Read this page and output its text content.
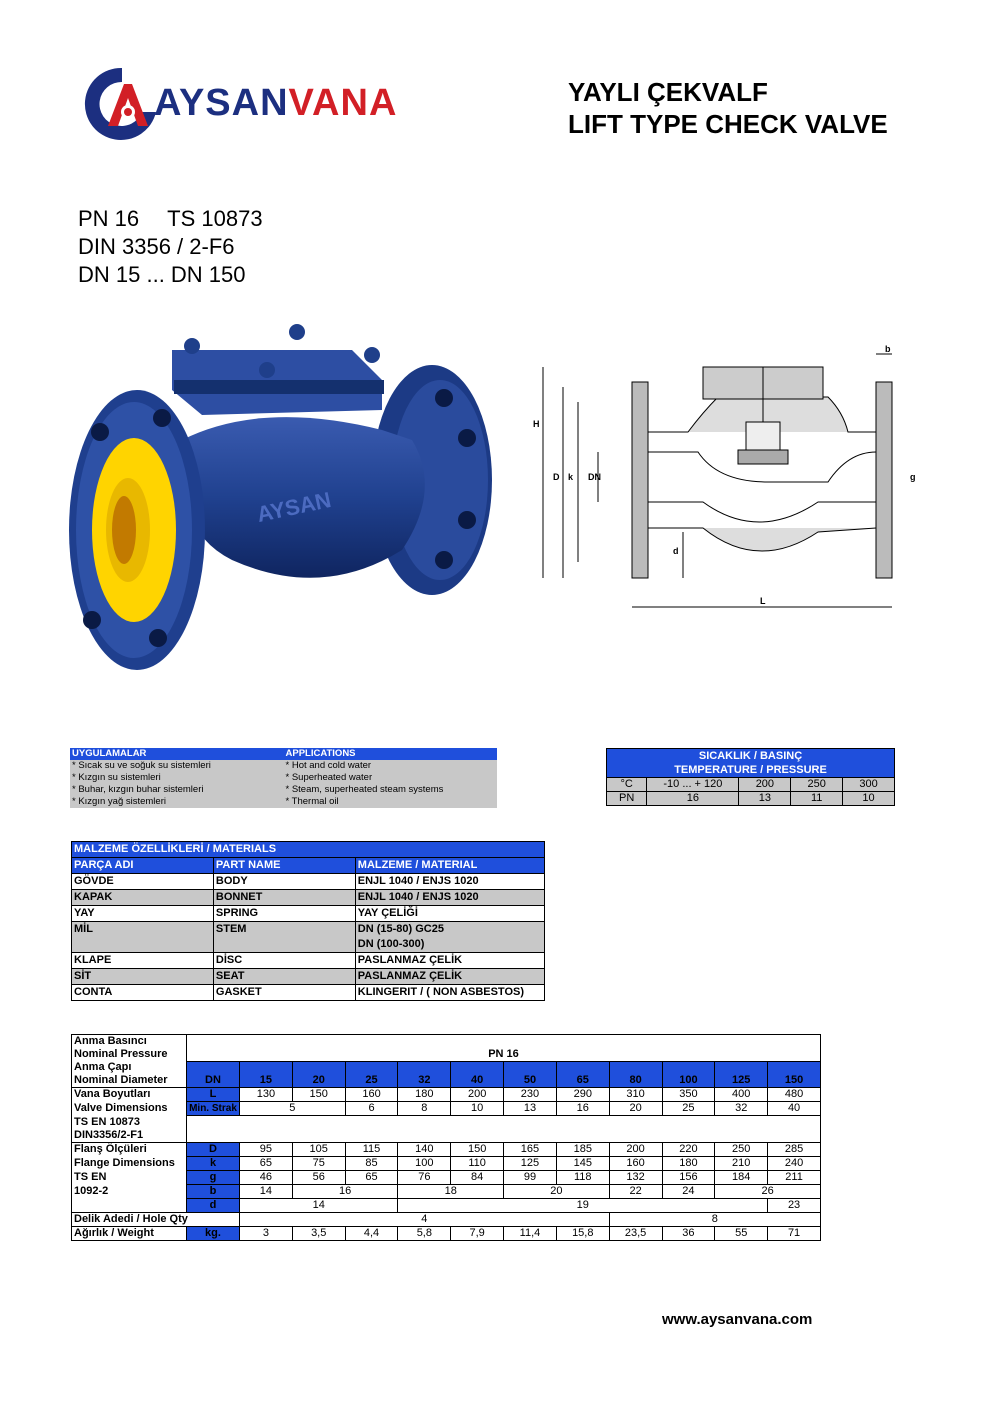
AYSANVANA	YAYLI ÇEKVALF
LIFT TYPE CHECK VALVE
PN 16 TS 10873
DIN 3356 / 2-F6
DN 15 ... DN 150
AYSAN
b
H
D k DN	g
d
L
UYGULAMALAR	APPLICATIONS
* Sıcak su ve soğuk su sistemleri	* Hot and cold water
* Kızgın su sistemleri	* Superheated water
* Buhar, kızgın buhar sistemleri	* Steam, superheated steam systems
* Kızgın yağ sistemleri	* Thermal oil
SICAKLIK / BASINÇ				
TEMPERATURE / PRESSURE				
°C	-10 ... + 120	200	250	300
PN	16	13	11	10
MALZEME ÖZELLİKLERİ / MATERIALS		
PARÇA ADI	PART NAME	MALZEME / MATERIAL
GÖVDE	BODY	ENJL 1040 / ENJS 1020
KAPAK	BONNET	ENJL 1040 / ENJS 1020
YAY	SPRING	YAY ÇELİĞİ
MİL	STEM	DN (15-80) GC25
DN (100-300)

KLAPE	DİSC	PASLANMAZ ÇELİK
SİT	SEAT	PASLANMAZ ÇELİK
CONTA	GASKET	KLINGERIT / ( NON ASBESTOS)
Anma Basıncı	PN 16											
Nominal Pressure												
Anma Çapı	DN	15	20	25	32	40	50	65	80	100	125	150
Nominal Diameter												
Vana Boyutları	L	130	150	160	180	200	230	290	310	350	400	480
Valve Dimensions	Min. Strak	5		6	8	10	13	16	20	25	32	40
TS EN 10873												
DIN3356/2-F1												
Flanş Ölçüleri	D	95	105	115	140	150	165	185	200	220	250	285
Flange Dimensions	k	65	75	85	100	110	125	145	160	180	210	240
TS EN	g	46	56	65	76	84	99	118	132	156	184	211
1092-2	b	14	16		18		20		22	24	26	
	d	14			19							23
Delik Adedi / Hole Qty		4							8			
Ağırlık / Weight	kg.	3	3,5	4,4	5,8	7,9	11,4	15,8	23,5	36	55	71
www.aysanvana.com
